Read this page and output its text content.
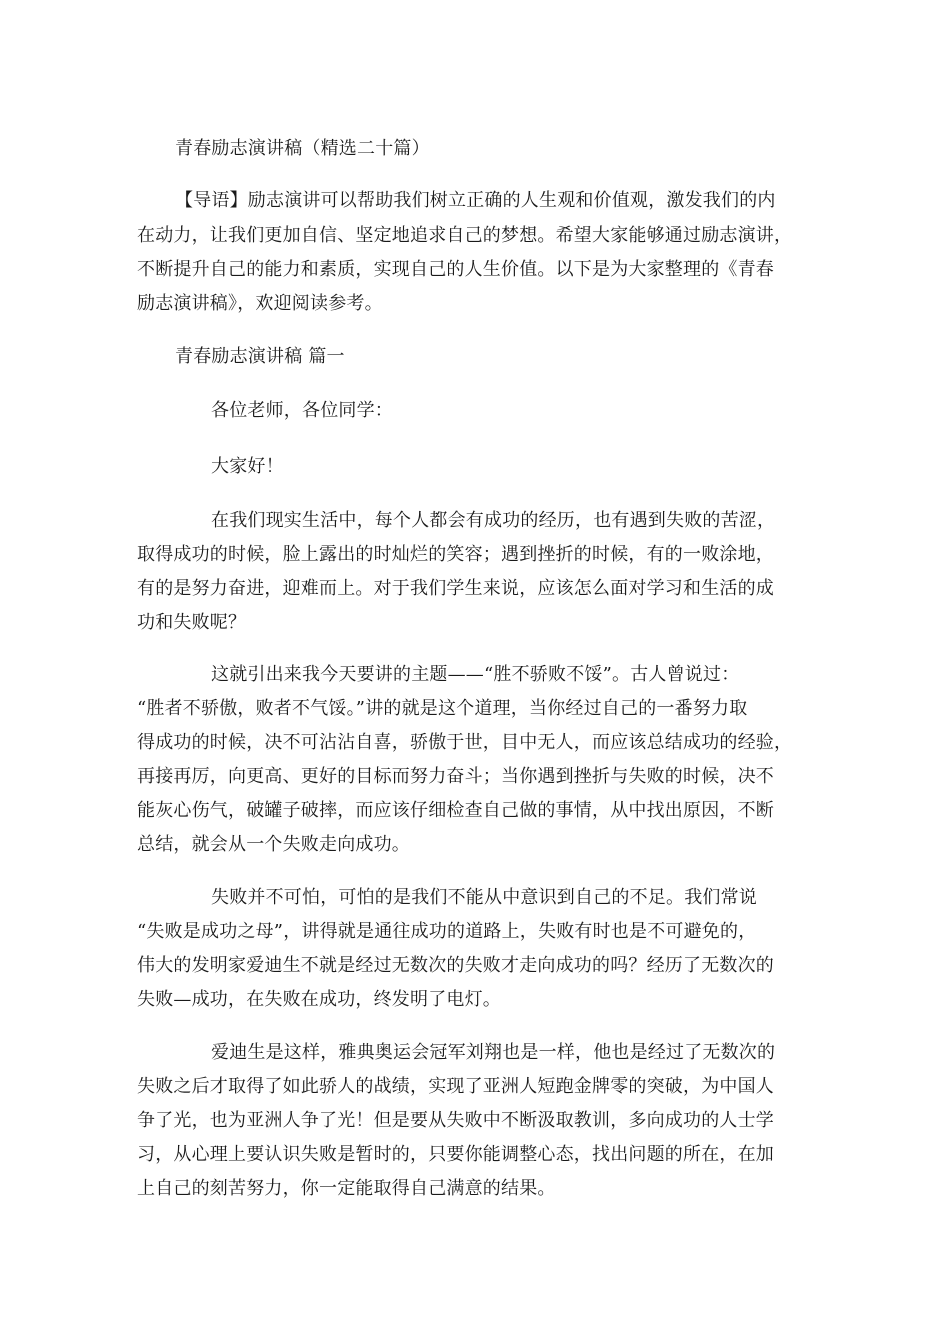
青春励志演讲稿（精选二十篇）
【导语】励志演讲可以帮助我们树立正确的人生观和价值观，激发我们的内
在动力，让我们更加自信、坚定地追求自己的梦想。希望大家能够通过励志演讲，
不断提升自己的能力和素质，实现自己的人生价值。以下是为大家整理的《青春
励志演讲稿》，欢迎阅读参考。
青春励志演讲稿 篇一
各位老师，各位同学：
大家好！
在我们现实生活中，每个人都会有成功的经历，也有遇到失败的苦涩，
取得成功的时候，脸上露出的时灿烂的笑容；遇到挫折的时候，有的一败涂地，
有的是努力奋进，迎难而上。对于我们学生来说，应该怎么面对学习和生活的成
功和失败呢？
这就引出来我今天要讲的主题——“胜不骄败不馁”。古人曾说过：
“胜者不骄傲，败者不气馁。”讲的就是这个道理，当你经过自己的一番努力取
得成功的时候，决不可沾沾自喜，骄傲于世，目中无人，而应该总结成功的经验，
再接再厉，向更高、更好的目标而努力奋斗；当你遇到挫折与失败的时候，决不
能灰心伤气，破罐子破摔，而应该仔细检查自己做的事情，从中找出原因，不断
总结，就会从一个失败走向成功。
失败并不可怕，可怕的是我们不能从中意识到自己的不足。我们常说
“失败是成功之母”，讲得就是通往成功的道路上，失败有时也是不可避免的，
伟大的发明家爱迪生不就是经过无数次的失败才走向成功的吗？经历了无数次的
失败—成功，在失败在成功，终发明了电灯。
爱迪生是这样，雅典奥运会冠军刘翔也是一样，他也是经过了无数次的
失败之后才取得了如此骄人的战绩，实现了亚洲人短跑金牌零的突破，为中国人
争了光，也为亚洲人争了光！但是要从失败中不断汲取教训，多向成功的人士学
习，从心理上要认识失败是暂时的，只要你能调整心态，找出问题的所在，在加
上自己的刻苦努力，你一定能取得自己满意的结果。
